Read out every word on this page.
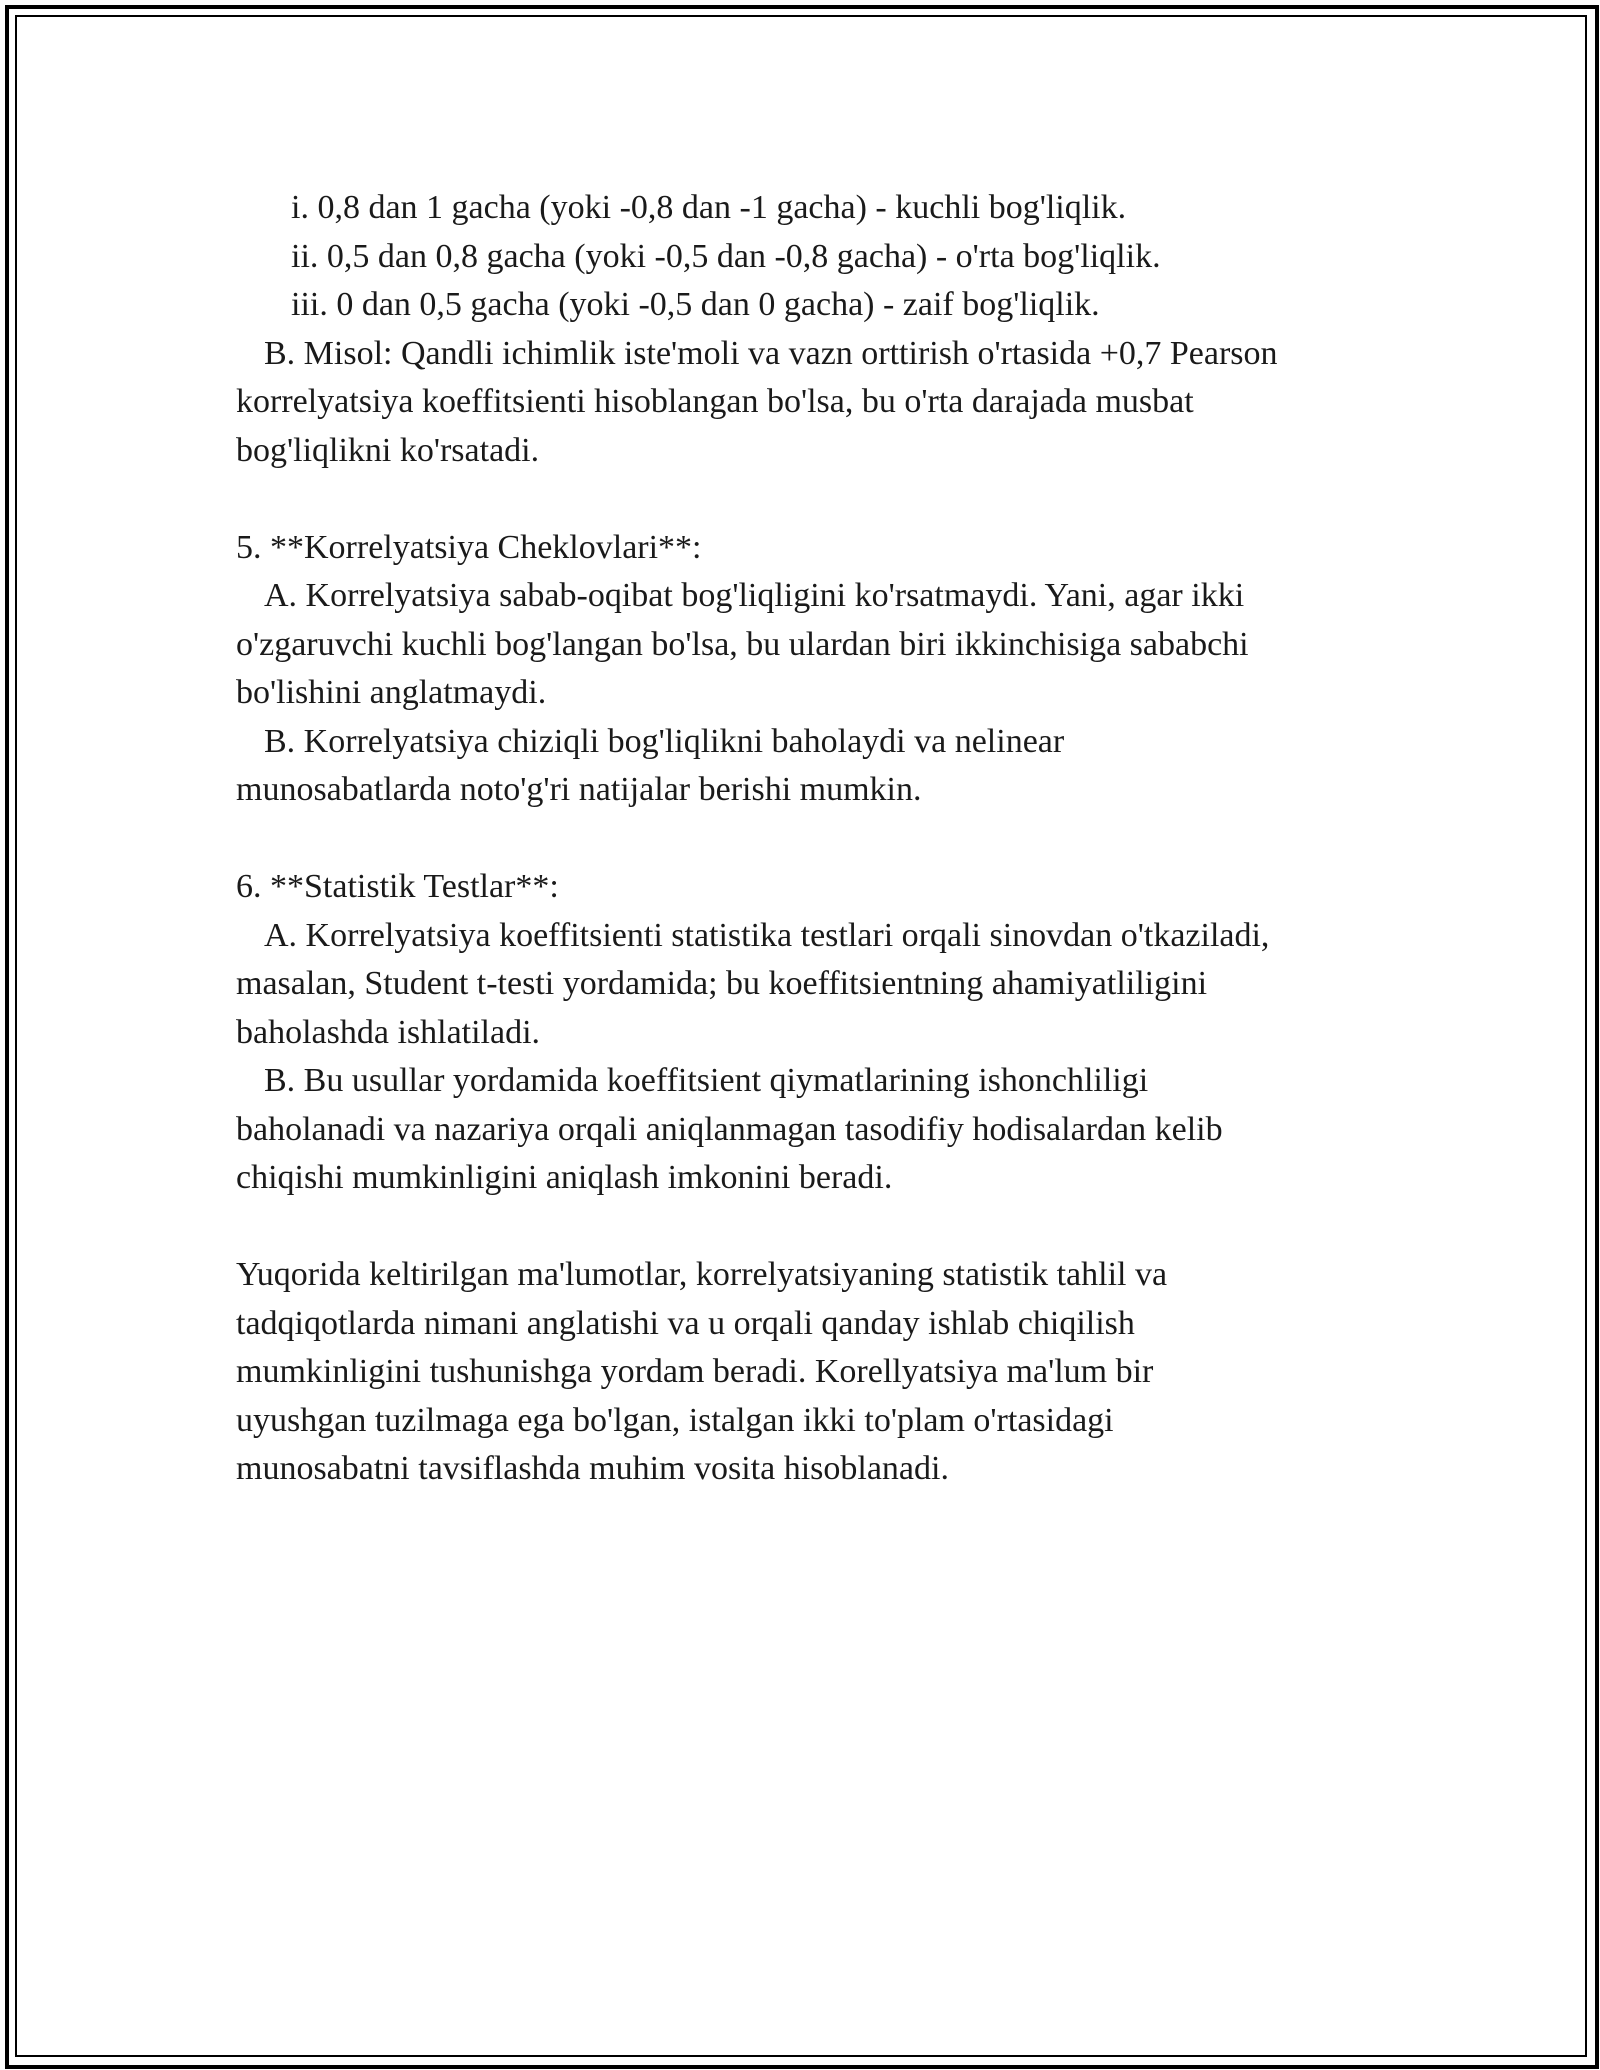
i. 0,8 dan 1 gacha (yoki -0,8 dan -1 gacha) - kuchli bog'liqlik.
ii. 0,5 dan 0,8 gacha (yoki -0,5 dan -0,8 gacha) - o'rta bog'liqlik.
iii. 0 dan 0,5 gacha (yoki -0,5 dan 0 gacha) - zaif bog'liqlik.
B. Misol: Qandli ichimlik iste'moli va vazn orttirish o'rtasida +0,7 Pearson
korrelyatsiya koeffitsienti hisoblangan bo'lsa, bu o'rta darajada musbat
bog'liqlikni ko'rsatadi.
5. **Korrelyatsiya Cheklovlari**:
A. Korrelyatsiya sabab-oqibat bog'liqligini ko'rsatmaydi. Yani, agar ikki
o'zgaruvchi kuchli bog'langan bo'lsa, bu ulardan biri ikkinchisiga sababchi
bo'lishini anglatmaydi.
B. Korrelyatsiya chiziqli bog'liqlikni baholaydi va nelinear
munosabatlarda noto'g'ri natijalar berishi mumkin.
6. **Statistik Testlar**:
A. Korrelyatsiya koeffitsienti statistika testlari orqali sinovdan o'tkaziladi,
masalan, Student t-testi yordamida; bu koeffitsientning ahamiyatliligini
baholashda ishlatiladi.
B. Bu usullar yordamida koeffitsient qiymatlarining ishonchliligi
baholanadi va nazariya orqali aniqlanmagan tasodifiy hodisalardan kelib
chiqishi mumkinligini aniqlash imkonini beradi.
Yuqorida keltirilgan ma'lumotlar, korrelyatsiyaning statistik tahlil va
tadqiqotlarda nimani anglatishi va u orqali qanday ishlab chiqilish
mumkinligini tushunishga yordam beradi. Korellyatsiya ma'lum bir
uyushgan tuzilmaga ega bo'lgan, istalgan ikki to'plam o'rtasidagi
munosabatni tavsiflashda muhim vosita hisoblanadi.
